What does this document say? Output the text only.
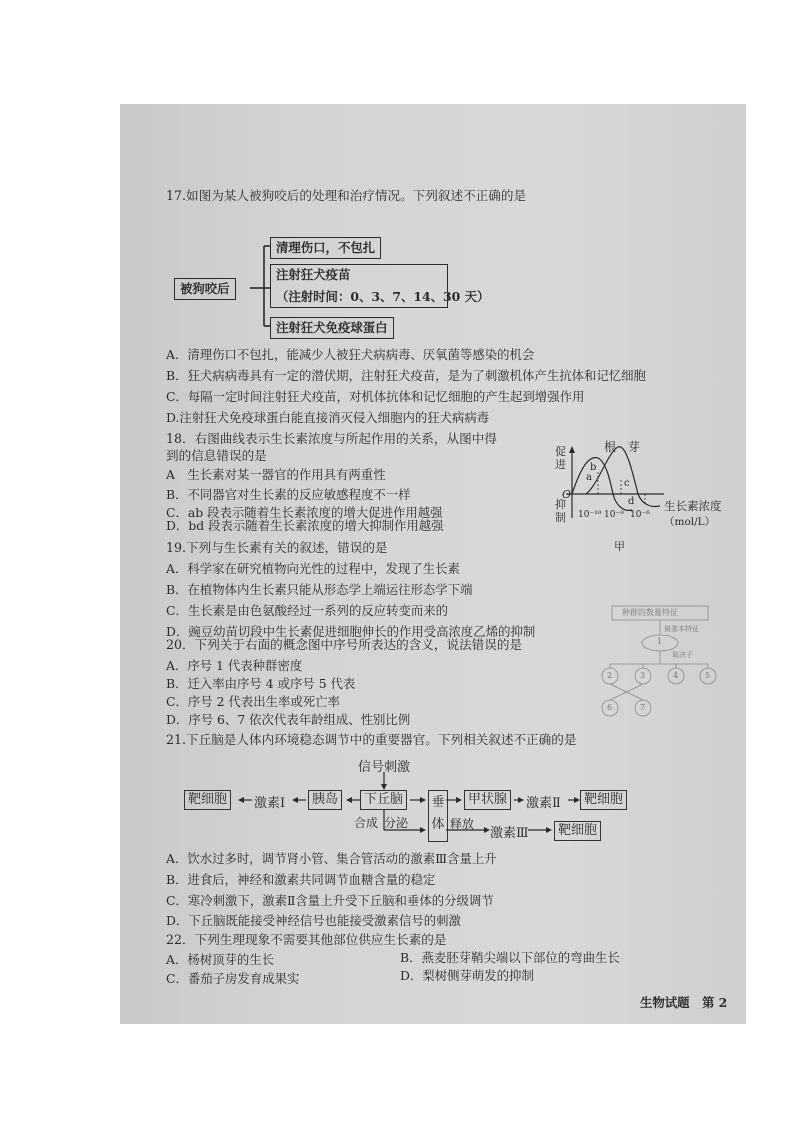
17.如图为某人被狗咬后的处理和治疗情况。下列叙述不正确的是
被狗咬后
清理伤口，不包扎
注射狂犬疫苗
（注射时间：0、3、7、14、30 天）
注射狂犬免疫球蛋白
A．清理伤口不包扎，能减少人被狂犬病病毒、厌氧菌等感染的机会
B．狂犬病病毒具有一定的潜伏期，注射狂犬疫苗，是为了刺激机体产生抗体和记忆细胞
C．每隔一定时间注射狂犬疫苗，对机体抗体和记忆细胞的产生起到增强作用
D.注射狂犬免疫球蛋白能直接消灭侵入细胞内的狂犬病病毒
18．右图曲线表示生长素浓度与所起作用的关系，从图中得
到的信息错误的是
A　生长素对某一器官的作用具有两重性
B．不同器官对生长素的反应敏感程度不一样
C．ab 段表示随着生长素浓度的增大促进作用越强
D．bd 段表示随着生长素浓度的增大抑制作用越强
根 芽
促进
抑制
O
a
b
c
d
10⁻¹⁰ 10⁻⁸ 10⁻⁶
生长素浓度
（mol/L）
甲
19.下列与生长素有关的叙述，错误的是
A．科学家在研究植物向光性的过程中，发现了生长素
B．在植物体内生长素只能从形态学上端运往形态学下端
C．生长素是由色氨酸经过一系列的反应转变而来的
D．豌豆幼苗切段中生长素促进细胞伸长的作用受高浓度乙烯的抑制
种群的数量特征
最基本特征
1
取决于
2	3	4	5
6	7
20．下列关于右面的概念图中序号所表达的含义，说法错误的是
A．序号 1 代表种群密度
B．迁入率由序号 4 或序号 5 代表
C．序号 2 代表出生率或死亡率
D．序号 6、7 依次代表年龄组成、性别比例
21.下丘脑是人体内环境稳态调节中的重要器官。下列相关叙述不正确的是
信号刺激
靶细胞	激素Ⅰ	胰岛	下丘脑	垂
体
甲状腺	激素Ⅱ	靶细胞
合成 分泌	释放
激素Ⅲ	靶细胞
A．饮水过多时，调节肾小管、集合管活动的激素Ⅲ含量上升
B．进食后，神经和激素共同调节血糖含量的稳定
C．寒冷刺激下，激素Ⅱ含量上升受下丘脑和垂体的分级调节
D．下丘脑既能接受神经信号也能接受激素信号的刺激
22．下列生理现象不需要其他部位供应生长素的是
A．杨树顶芽的生长	B．燕麦胚芽鞘尖端以下部位的弯曲生长
C．番茄子房发育成果实	D．梨树侧芽萌发的抑制
生物试题　第 2
